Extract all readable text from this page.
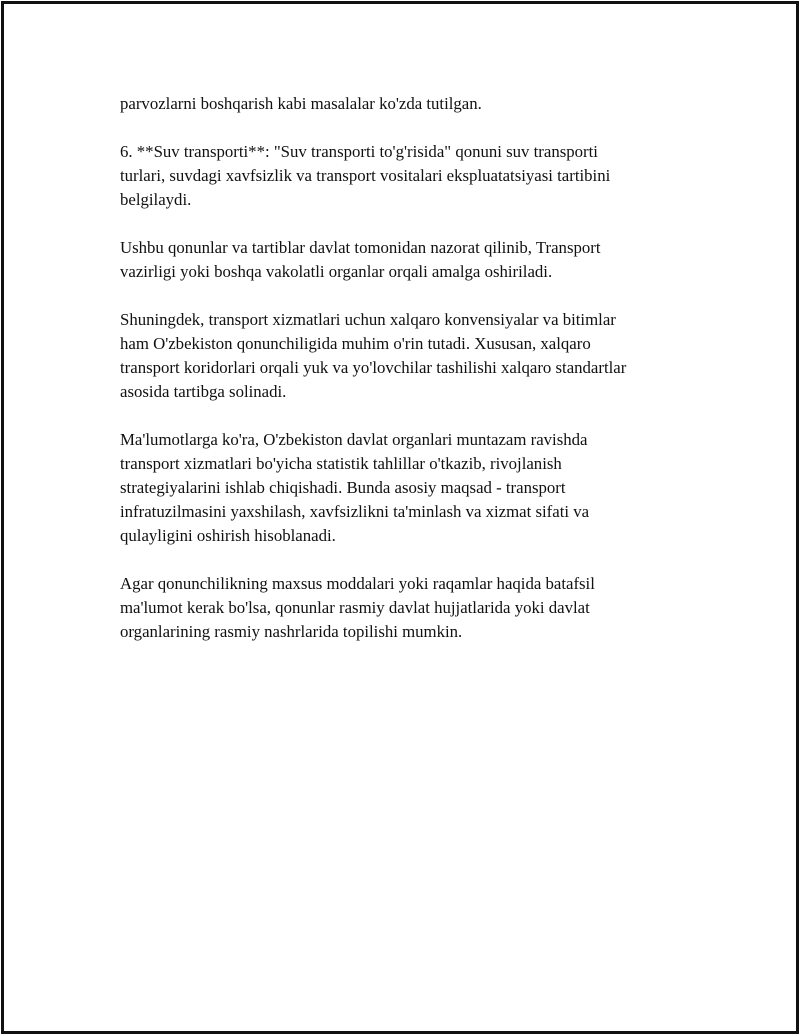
parvozlarni boshqarish kabi masalalar ko'zda tutilgan.

6. **Suv transporti**: "Suv transporti to'g'risida" qonuni suv transporti
turlari, suvdagi xavfsizlik va transport vositalari ekspluatatsiyasi tartibini
belgilaydi.

Ushbu qonunlar va tartiblar davlat tomonidan nazorat qilinib, Transport
vazirligi yoki boshqa vakolatli organlar orqali amalga oshiriladi.

Shuningdek, transport xizmatlari uchun xalqaro konvensiyalar va bitimlar
ham O'zbekiston qonunchiligida muhim o'rin tutadi. Xususan, xalqaro
transport koridorlari orqali yuk va yo'lovchilar tashilishi xalqaro standartlar
asosida tartibga solinadi.

Ma'lumotlarga ko'ra, O'zbekiston davlat organlari muntazam ravishda
transport xizmatlari bo'yicha statistik tahlillar o'tkazib, rivojlanish
strategiyalarini ishlab chiqishadi. Bunda asosiy maqsad - transport
infratuzilmasini yaxshilash, xavfsizlikni ta'minlash va xizmat sifati va
qulayligini oshirish hisoblanadi.

Agar qonunchilikning maxsus moddalari yoki raqamlar haqida batafsil
ma'lumot kerak bo'lsa, qonunlar rasmiy davlat hujjatlarida yoki davlat
organlarining rasmiy nashrlarida topilishi mumkin.
